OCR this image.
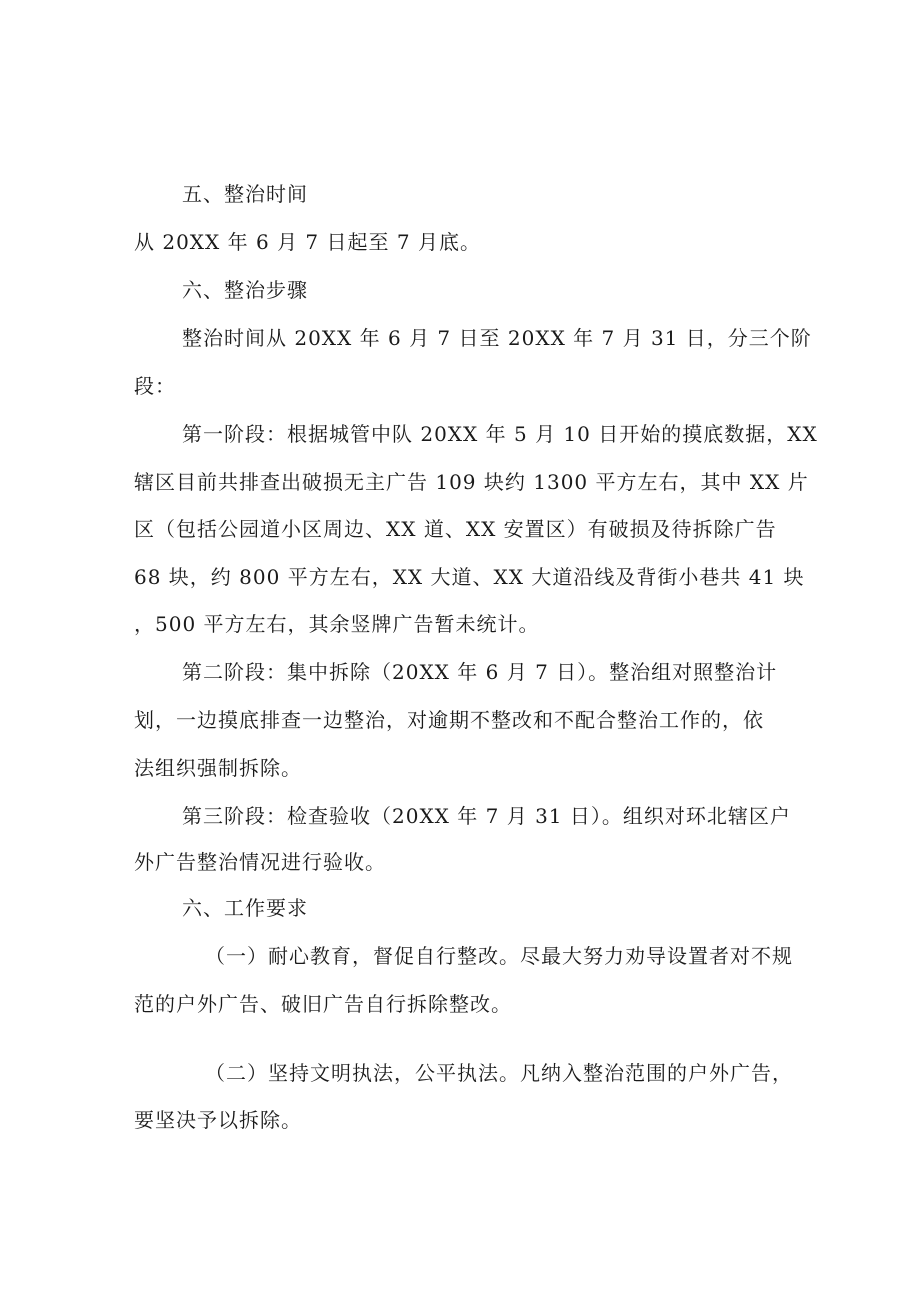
五、整治时间
从 20XX 年 6 月 7 日起至 7 月底。
六、整治步骤
整治时间从 20XX 年 6 月 7 日至 20XX 年 7 月 31 日，分三个阶
段：
第一阶段：根据城管中队 20XX 年 5 月 10 日开始的摸底数据，XX
辖区目前共排查出破损无主广告 109 块约 1300 平方左右，其中 XX 片
区（包括公园道小区周边、XX 道、XX 安置区）有破损及待拆除广告
68 块，约 800 平方左右，XX 大道、XX 大道沿线及背街小巷共 41 块
，500 平方左右，其余竖牌广告暂未统计。
第二阶段：集中拆除（20XX 年 6 月 7 日）。整治组对照整治计
划，一边摸底排查一边整治，对逾期不整改和不配合整治工作的，依
法组织强制拆除。
第三阶段：检查验收（20XX 年 7 月 31 日）。组织对环北辖区户
外广告整治情况进行验收。
六、工作要求
（一）耐心教育，督促自行整改。尽最大努力劝导设置者对不规
范的户外广告、破旧广告自行拆除整改。
（二）坚持文明执法，公平执法。凡纳入整治范围的户外广告，
要坚决予以拆除。
